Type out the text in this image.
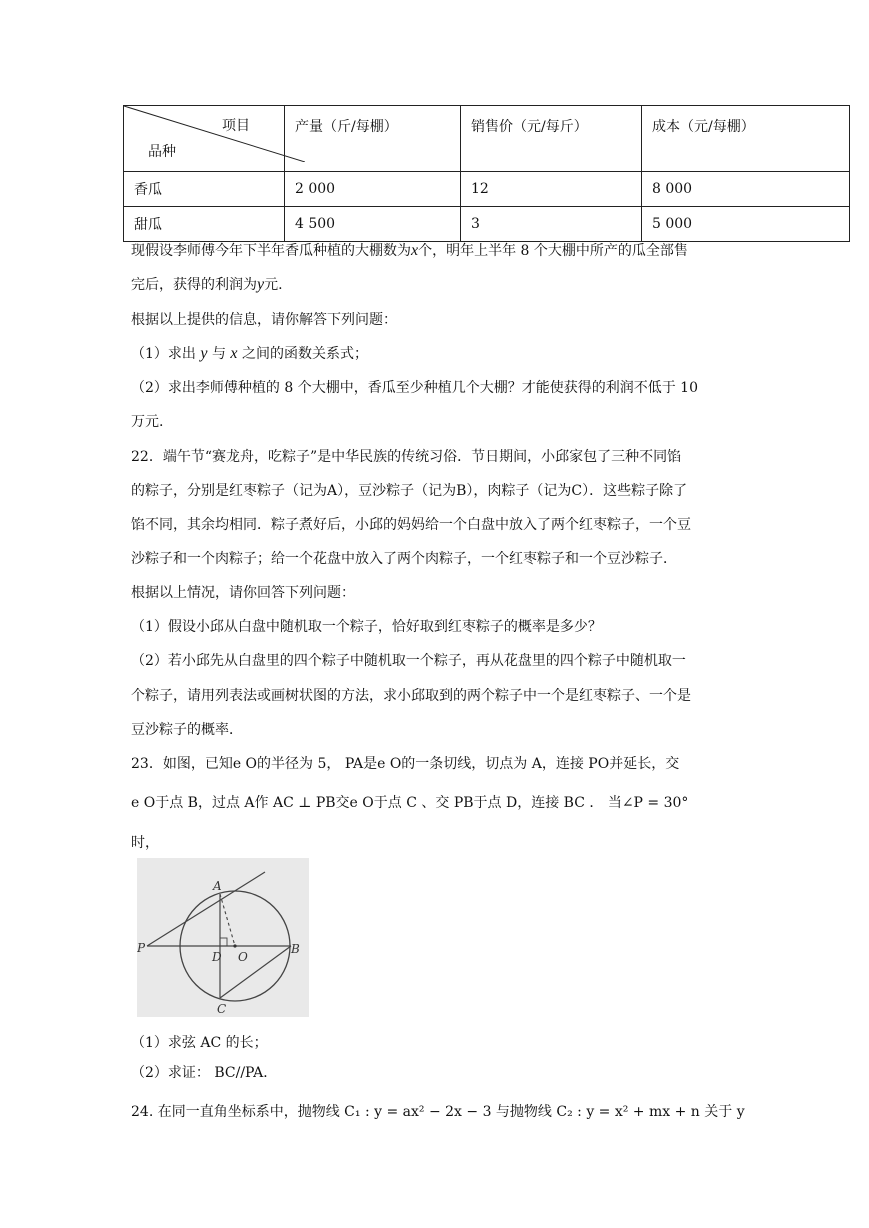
项目
品种	产量（斤/每棚）	销售价（元/每斤）	成本（元/每棚）
香瓜	2 000	12	8 000
甜瓜	4 500	3	5 000
现假设李师傅今年下半年香瓜种植的大棚数为x个，明年上半年 8 个大棚中所产的瓜全部售
完后，获得的利润为y元.
根据以上提供的信息，请你解答下列问题：
（1）求出 y 与 x 之间的函数关系式；
（2）求出李师傅种植的 8 个大棚中，香瓜至少种植几个大棚？才能使获得的利润不低于 10
万元.
22．端午节“赛龙舟，吃粽子”是中华民族的传统习俗．节日期间，小邱家包了三种不同馅
的粽子，分别是红枣粽子（记为A），豆沙粽子（记为B），肉粽子（记为C）．这些粽子除了
馅不同，其余均相同．粽子煮好后，小邱的妈妈给一个白盘中放入了两个红枣粽子，一个豆
沙粽子和一个肉粽子；给一个花盘中放入了两个肉粽子，一个红枣粽子和一个豆沙粽子．
根据以上情况，请你回答下列问题：
（1）假设小邱从白盘中随机取一个粽子，恰好取到红枣粽子的概率是多少？
（2）若小邱先从白盘里的四个粽子中随机取一个粽子，再从花盘里的四个粽子中随机取一
个粽子，请用列表法或画树状图的方法，求小邱取到的两个粽子中一个是红枣粽子、一个是
豆沙粽子的概率．
23．如图，已知e O的半径为 5， PA是e O的一条切线，切点为 A，连接 PO并延长，交
e O于点 B，过点 A作 AC ⊥ PB交e O于点 C 、交 PB于点 D，连接 BC ． 当∠P = 30°
时，
P
A
B
C
D O
（1）求弦 AC 的长；
（2）求证： BC//PA．
24. 在同一直角坐标系中，抛物线 C₁ : y = ax² − 2x − 3 与抛物线 C₂ : y = x² + mx + n 关于 y
